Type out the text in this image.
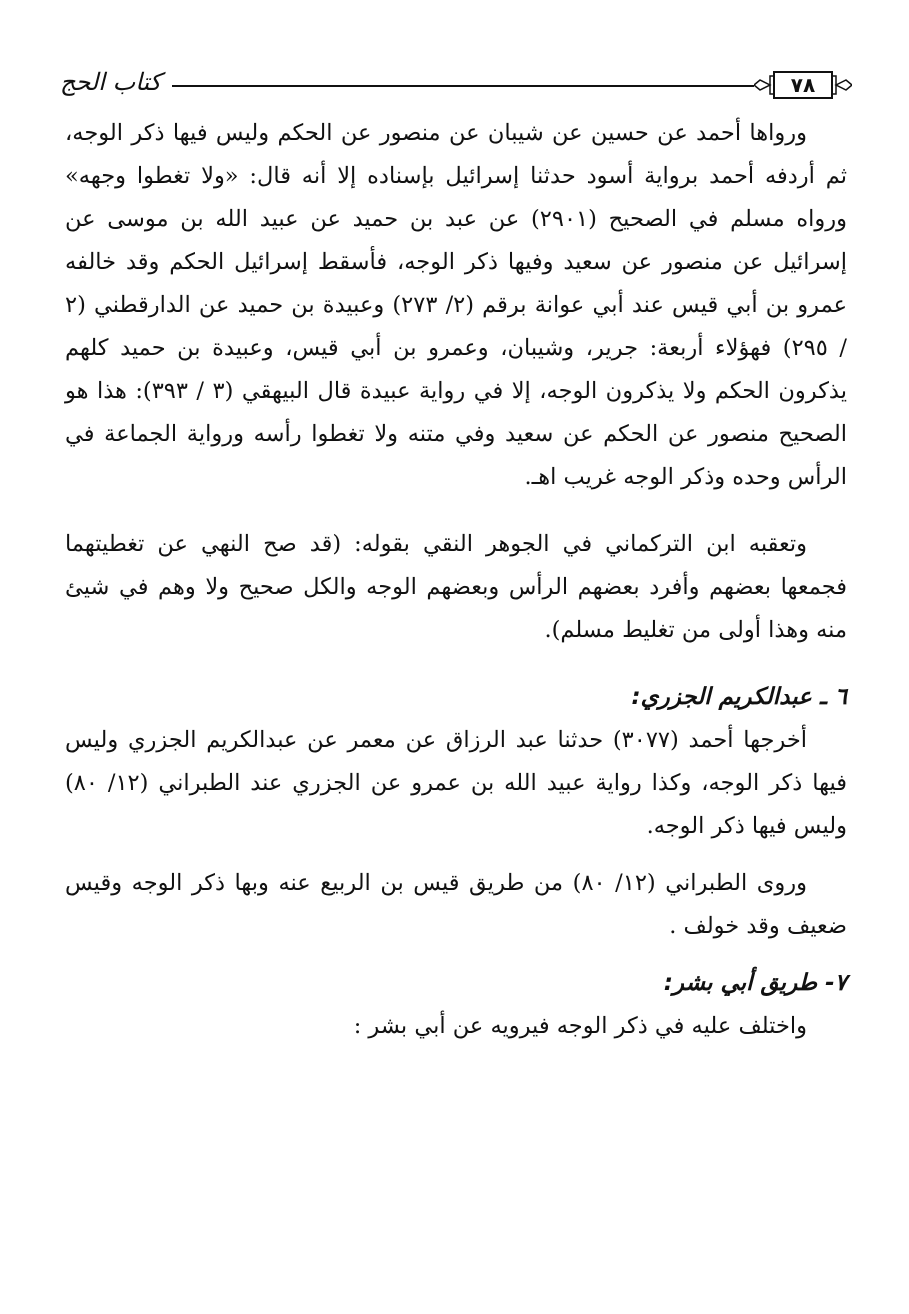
كتاب الحج	٧٨

ورواها أحمد عن حسين عن شيبان عن منصور عن الحكم وليس فيها ذكر الوجه، ثم أردفه أحمد برواية أسود حدثنا إسرائيل بإسناده إلا أنه قال: «ولا تغطوا وجهه» ورواه مسلم في الصحيح (٢٩٠١) عن عبد بن حميد عن عبيد الله بن موسى عن إسرائيل عن منصور عن سعيد وفيها ذكر الوجه، فأسقط إسرائيل الحكم وقد خالفه عمرو بن أبي قيس عند أبي عوانة برقم (٢/ ٢٧٣) وعبيدة بن حميد عن الدارقطني (٢ / ٢٩٥) فهؤلاء أربعة: جرير، وشيبان، وعمرو بن أبي قيس، وعبيدة بن حميد كلهم يذكرون الحكم ولا يذكرون الوجه، إلا في رواية عبيدة قال البيهقي (٣ / ٣٩٣): هذا هو الصحيح منصور عن الحكم عن سعيد وفي متنه ولا تغطوا رأسه ورواية الجماعة في الرأس وحده وذكر الوجه غريب اهـ.

وتعقبه ابن التركماني في الجوهر النقي بقوله: (قد صح النهي عن تغطيتهما فجمعها بعضهم وأفرد بعضهم الرأس وبعضهم الوجه والكل صحيح ولا وهم في شيئ منه وهذا أولى من تغليط مسلم).

٦ ـ عبدالكريم الجزري:

أخرجها أحمد (٣٠٧٧) حدثنا عبد الرزاق عن معمر عن عبدالكريم الجزري وليس فيها ذكر الوجه، وكذا رواية عبيد الله بن عمرو عن الجزري عند الطبراني (١٢/ ٨٠) وليس فيها ذكر الوجه.

وروى الطبراني (١٢/ ٨٠) من طريق قيس بن الربيع عنه وبها ذكر الوجه وقيس ضعيف وقد خولف .

٧- طريق أبي بشر:

واختلف عليه في ذكر الوجه فيرويه عن أبي بشر :
